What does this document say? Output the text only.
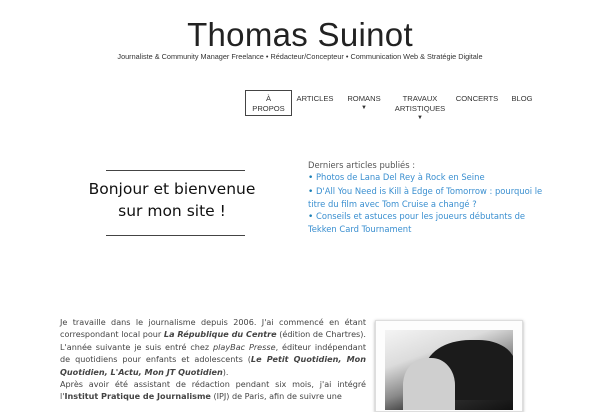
Thomas Suinot
Journaliste & Community Manager Freelance • Rédacteur/Concepteur • Communication Web & Stratégie Digitale
À
PROPOS
ARTICLES	ROMANS
▼
TRAVAUX
ARTISTIQUES
▼
CONCERTS	BLOG
Bonjour et bienvenue
sur mon site !
Derniers articles publiés :
• Photos de Lana Del Rey à Rock en Seine
• D'All You Need is Kill à Edge of Tomorrow : pourquoi le titre du film avec Tom Cruise a changé ?
• Conseils et astuces pour les joueurs débutants de Tekken Card Tournament

Je travaille dans le journalisme depuis 2006. J'ai commencé en étant correspondant local pour La République du Centre (édition de Chartres). L'année suivante je suis entré chez playBac Presse, éditeur indépendant de quotidiens pour enfants et adolescents (Le Petit Quotidien, Mon Quotidien, L'Actu, Mon JT Quotidien).

Après avoir été assistant de rédaction pendant six mois, j'ai intégré l'Institut Pratique de Journalisme (IPJ) de Paris, afin de suivre une
